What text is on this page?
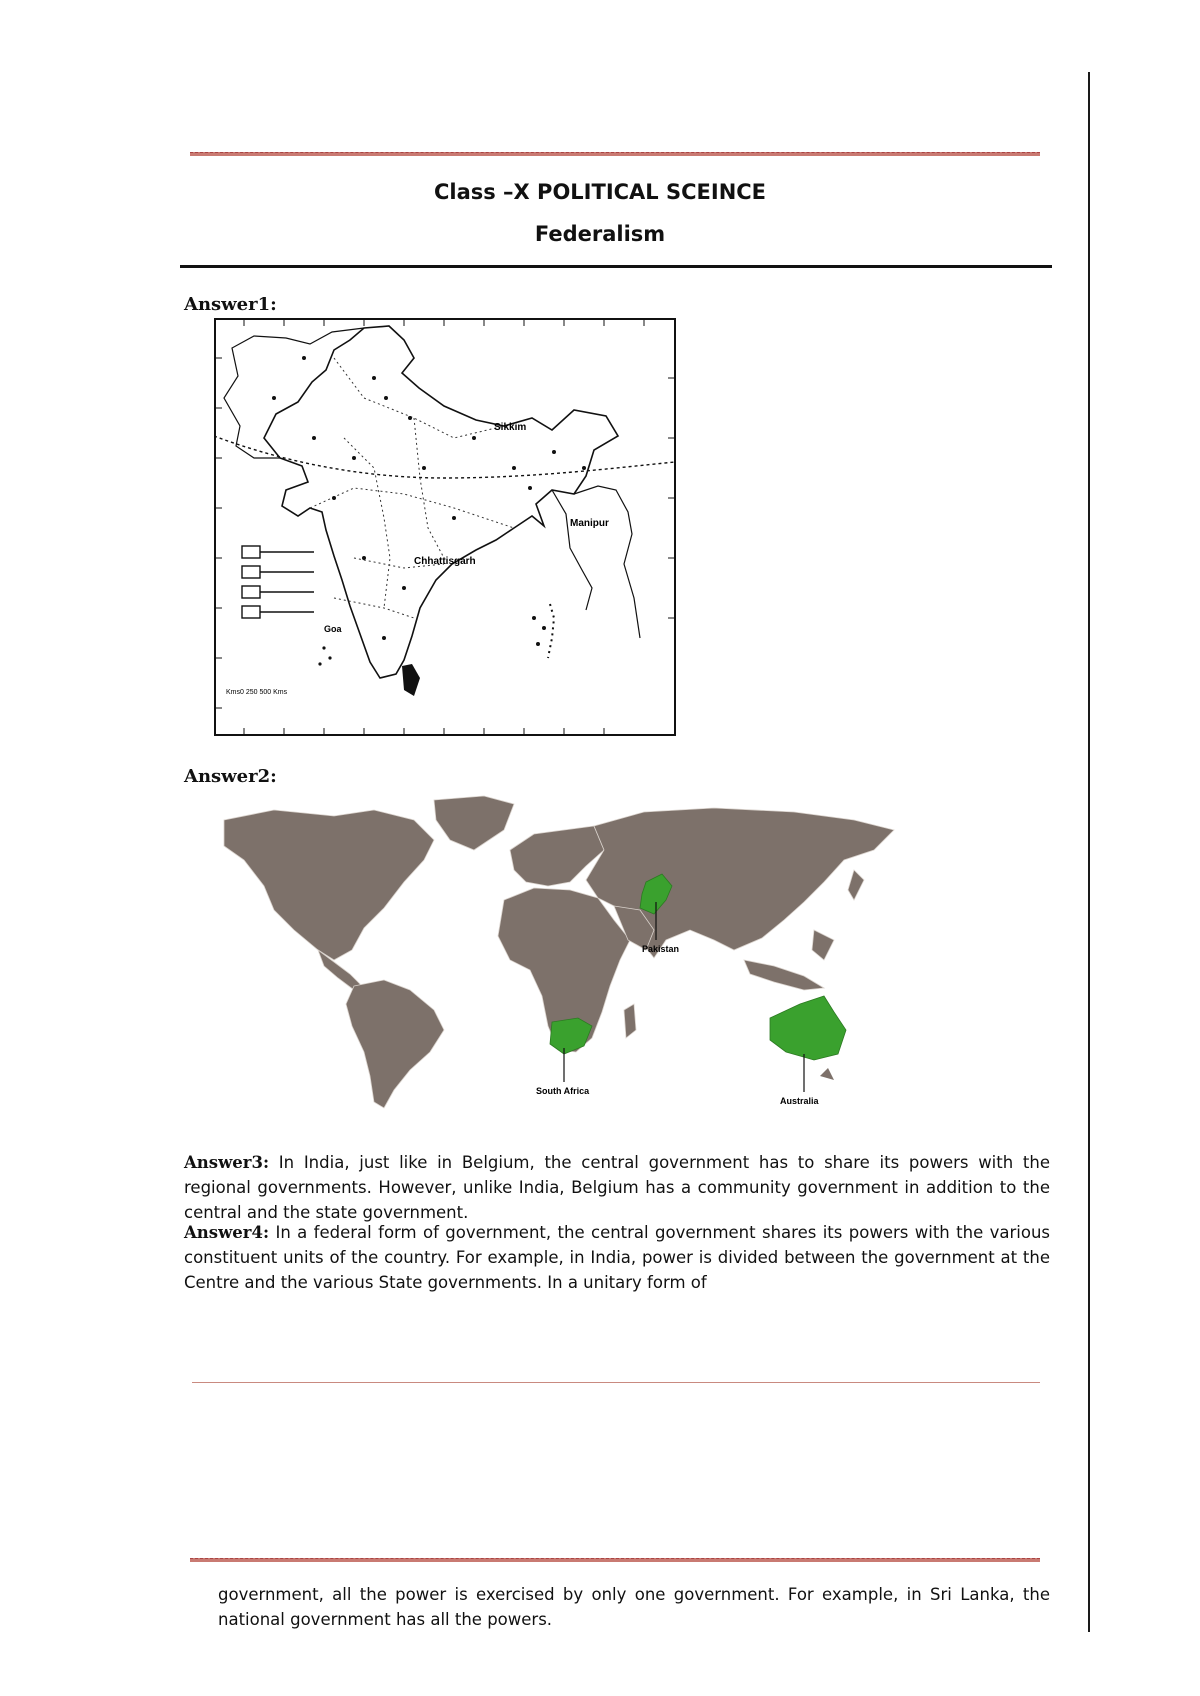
Class –X POLITICAL SCEINCE
Federalism
Answer1:
Sikkim
Manipur
Chhattisgarh
Goa
Kms0 250 500 Kms
Answer2:
Pakistan
South Africa
Australia
Answer3: In India, just like in Belgium, the central government has to share its powers with the regional governments. However, unlike India, Belgium has a community government in addition to the central and the state government.
Answer4: In a federal form of government, the central government shares its powers with the various constituent units of the country. For example, in India, power is divided between the government at the Centre and the various State governments. In a unitary form of
government, all the power is exercised by only one government. For example, in Sri Lanka, the national government has all the powers.
